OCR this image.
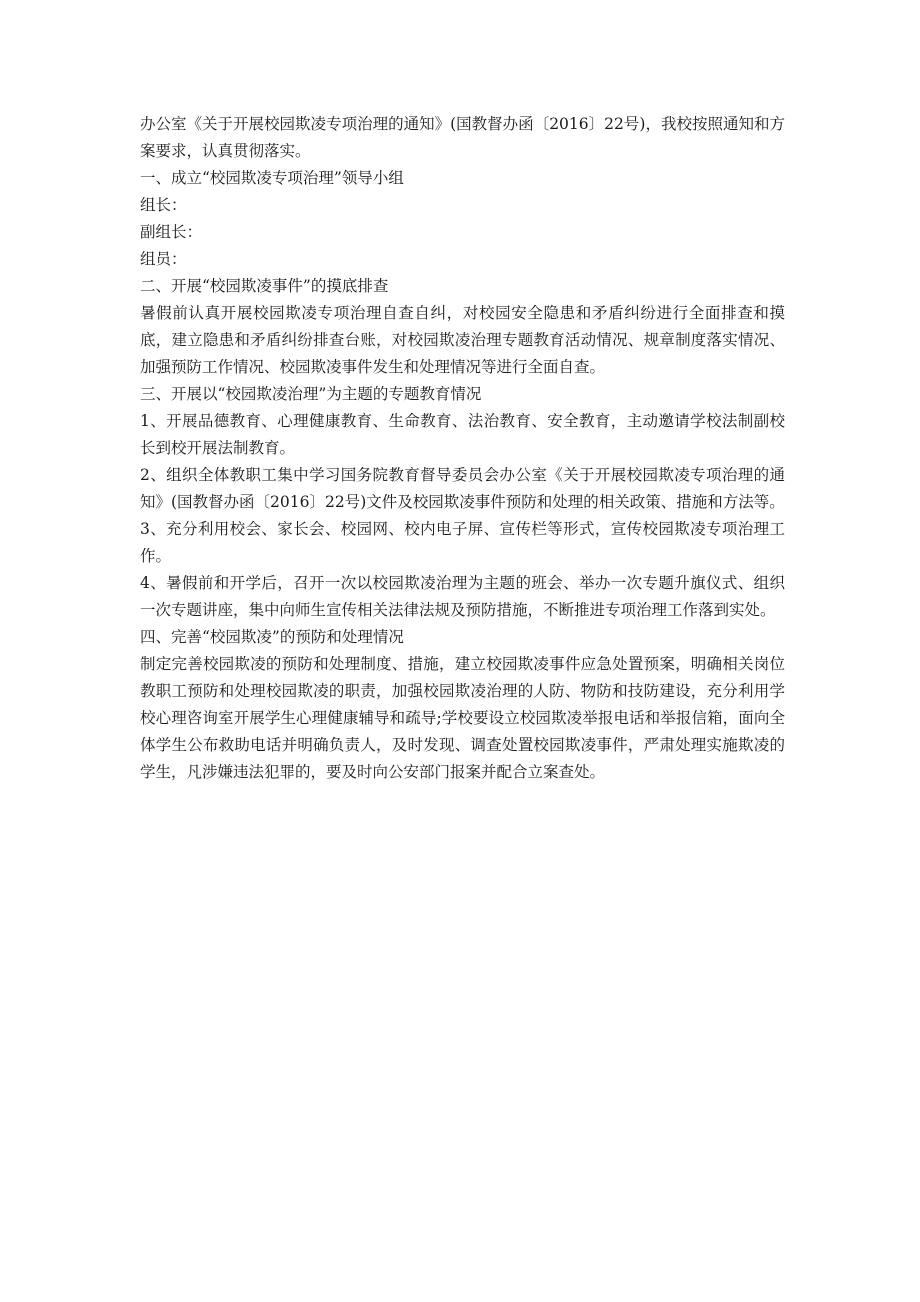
办公室《关于开展校园欺凌专项治理的通知》(国教督办函〔2016〕22号)，我校按照通知和方案要求，认真贯彻落实。

一、成立“校园欺凌专项治理”领导小组

组长：

副组长：

组员：

二、开展“校园欺凌事件”的摸底排查

暑假前认真开展校园欺凌专项治理自查自纠，对校园安全隐患和矛盾纠纷进行全面排查和摸底，建立隐患和矛盾纠纷排查台账，对校园欺凌治理专题教育活动情况、规章制度落实情况、加强预防工作情况、校园欺凌事件发生和处理情况等进行全面自查。

三、开展以“校园欺凌治理”为主题的专题教育情况

1、开展品德教育、心理健康教育、生命教育、法治教育、安全教育，主动邀请学校法制副校长到校开展法制教育。

2、组织全体教职工集中学习国务院教育督导委员会办公室《关于开展校园欺凌专项治理的通知》(国教督办函〔2016〕22号)文件及校园欺凌事件预防和处理的相关政策、措施和方法等。

3、充分利用校会、家长会、校园网、校内电子屏、宣传栏等形式，宣传校园欺凌专项治理工作。

4、暑假前和开学后，召开一次以校园欺凌治理为主题的班会、举办一次专题升旗仪式、组织一次专题讲座，集中向师生宣传相关法律法规及预防措施，不断推进专项治理工作落到实处。

四、完善“校园欺凌”的预防和处理情况

制定完善校园欺凌的预防和处理制度、措施，建立校园欺凌事件应急处置预案，明确相关岗位教职工预防和处理校园欺凌的职责，加强校园欺凌治理的人防、物防和技防建设，充分利用学校心理咨询室开展学生心理健康辅导和疏导;学校要设立校园欺凌举报电话和举报信箱，面向全体学生公布救助电话并明确负责人，及时发现、调查处置校园欺凌事件，严肃处理实施欺凌的学生，凡涉嫌违法犯罪的，要及时向公安部门报案并配合立案查处。
